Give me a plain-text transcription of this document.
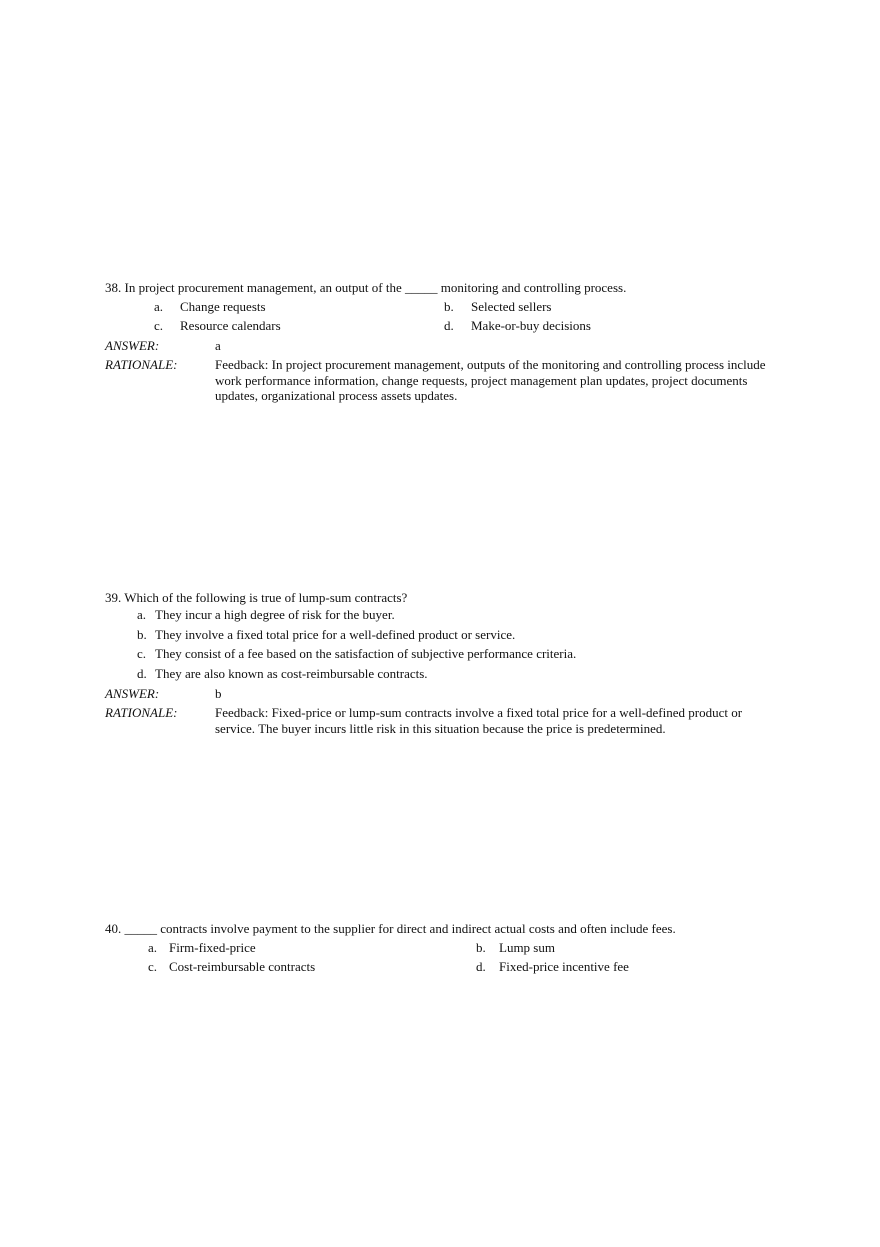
38. In project procurement management, an output of the _____ monitoring and controlling process.
a. Change requests	b. Selected sellers
c. Resource calendars	d. Make-or-buy decisions
ANSWER:	a
RATIONALE:	Feedback: In project procurement management, outputs of the monitoring and controlling process include work performance information, change requests, project management plan updates, project documents updates, organizational process assets updates.
39. Which of the following is true of lump-sum contracts?
a. They incur a high degree of risk for the buyer.
b. They involve a fixed total price for a well-defined product or service.
c. They consist of a fee based on the satisfaction of subjective performance criteria.
d. They are also known as cost-reimbursable contracts.
ANSWER:	b
RATIONALE:	Feedback: Fixed-price or lump-sum contracts involve a fixed total price for a well-defined product or service. The buyer incurs little risk in this situation because the price is predetermined.
40. _____ contracts involve payment to the supplier for direct and indirect actual costs and often include fees.
a. Firm-fixed-price	b. Lump sum
c. Cost-reimbursable contracts	d. Fixed-price incentive fee
